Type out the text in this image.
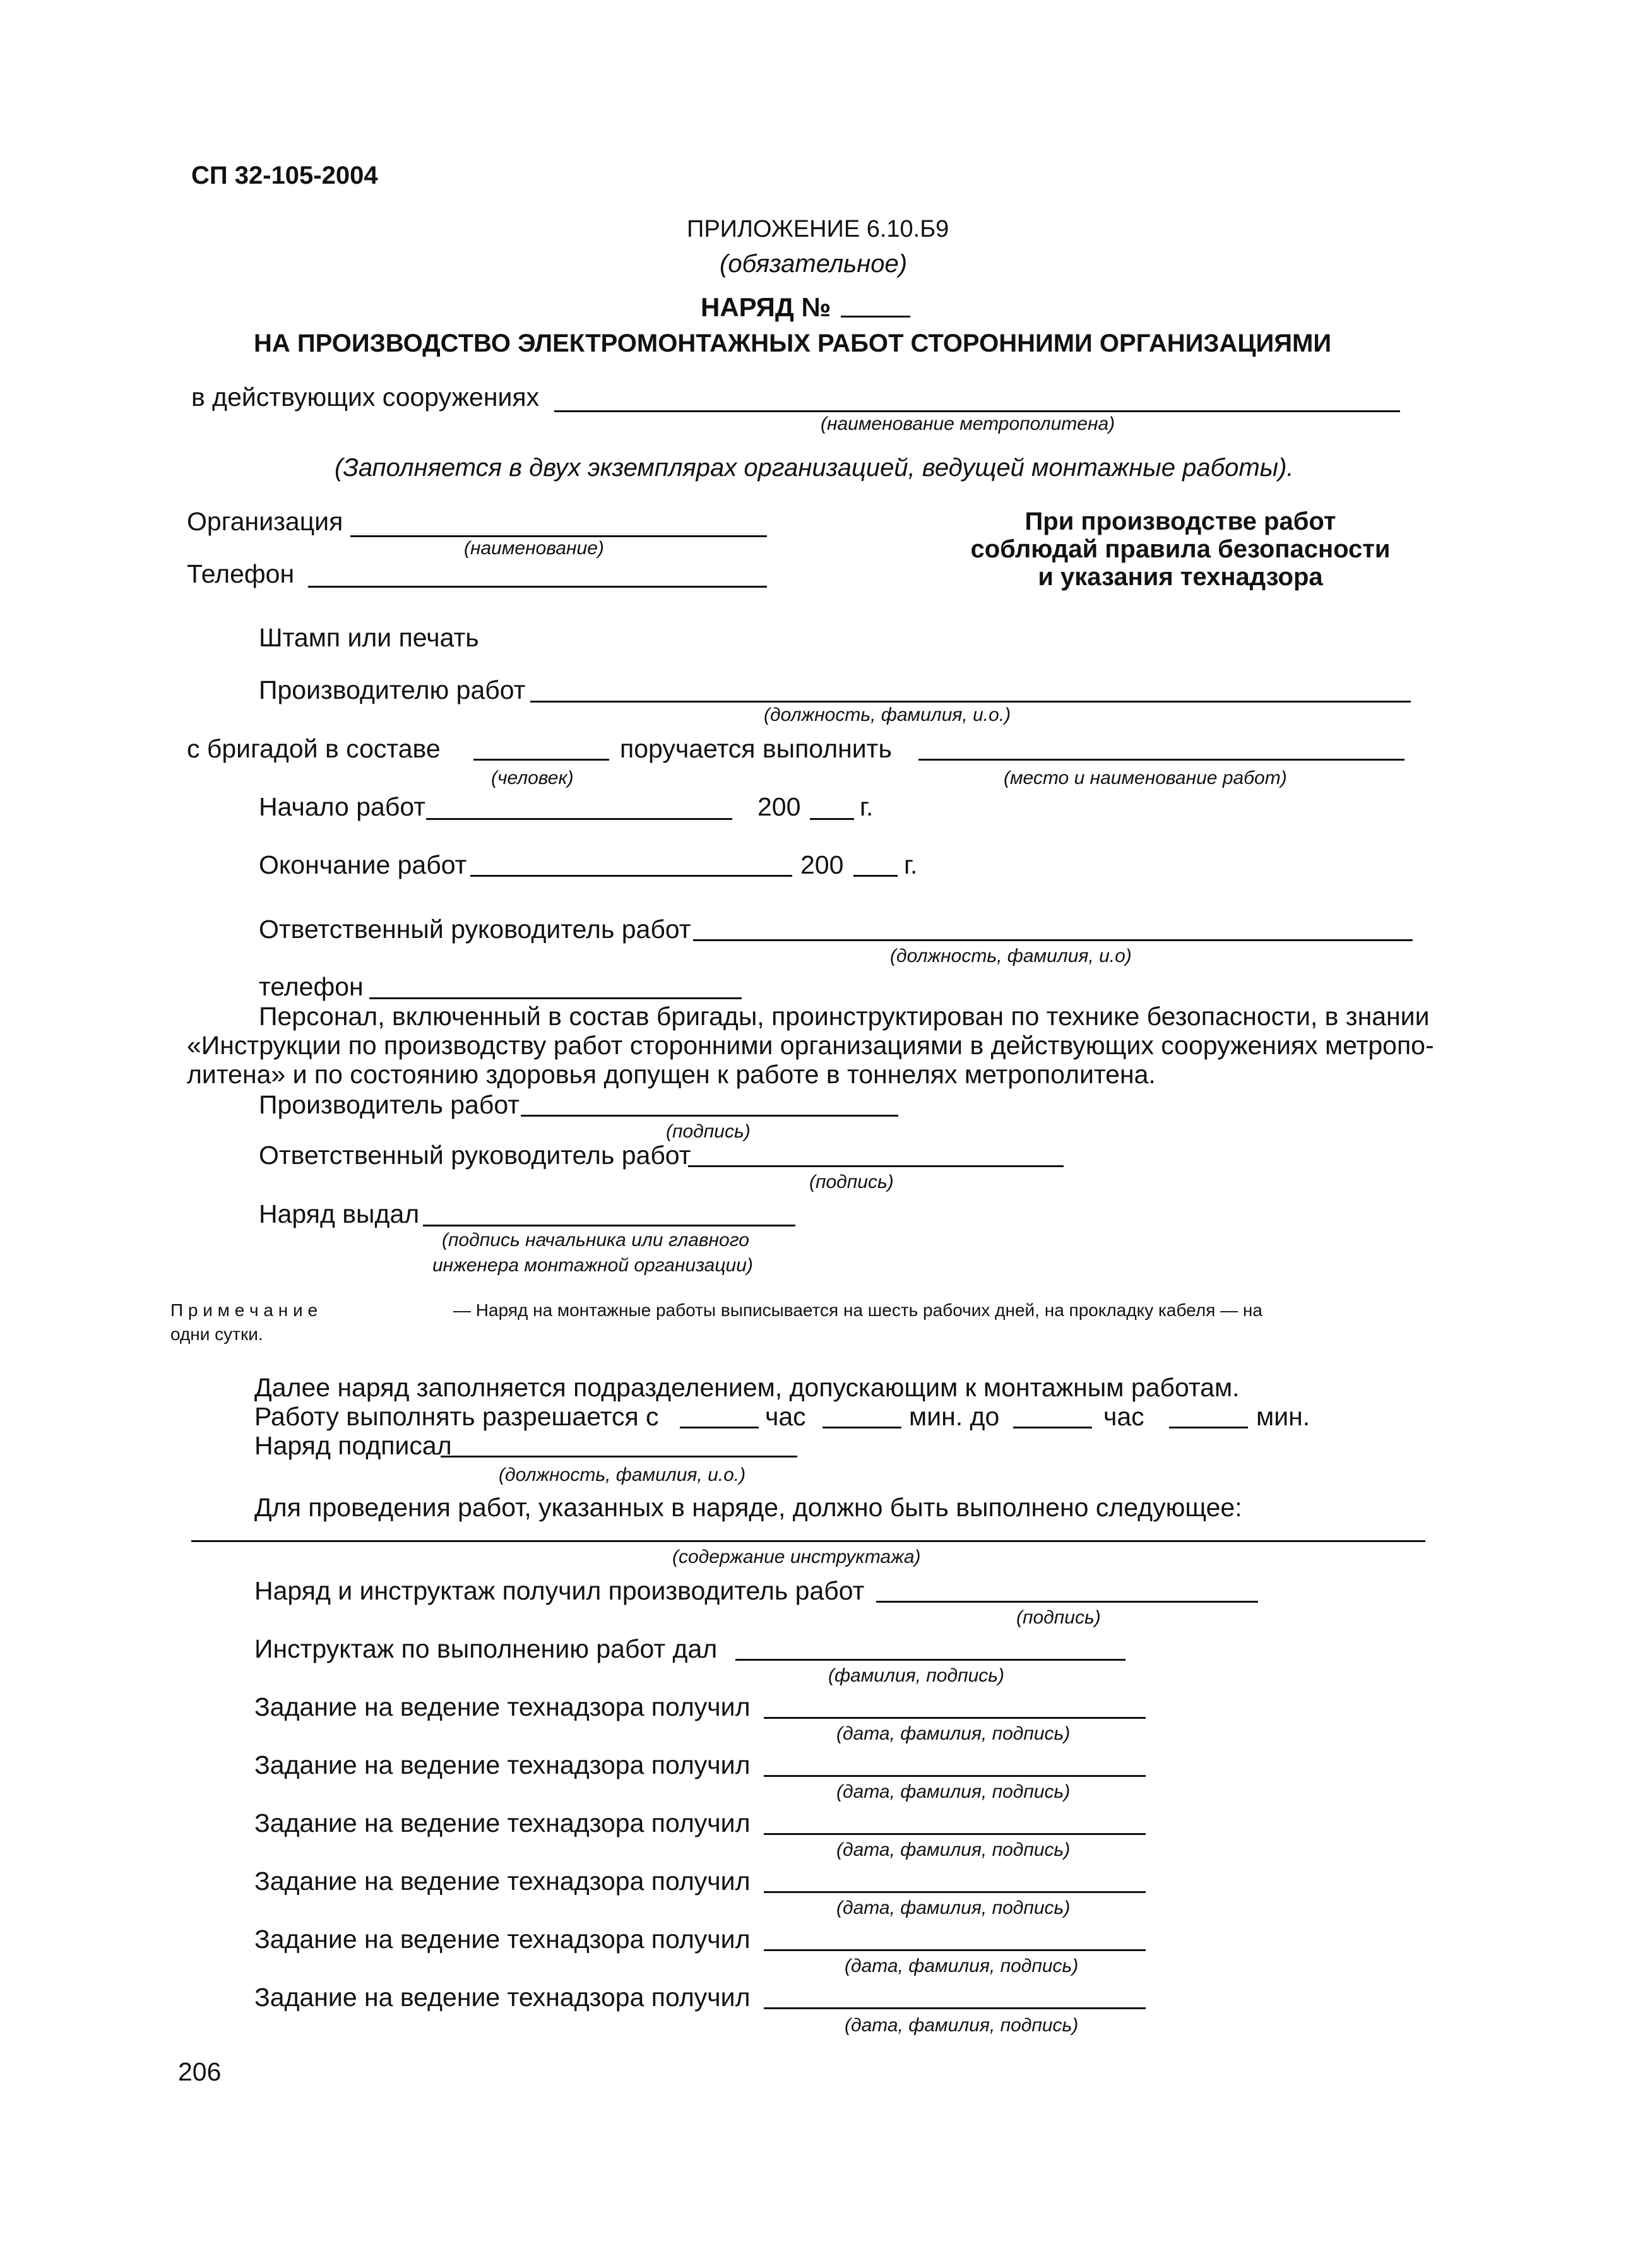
СП 32-105-2004
ПРИЛОЖЕНИЕ 6.10.Б9
(обязательное)
НАРЯД №
НА ПРОИЗВОДСТВО ЭЛЕКТРОМОНТАЖНЫХ РАБОТ СТОРОННИМИ ОРГАНИЗАЦИЯМИ
в действующих сооружениях
(наименование метрополитена)
(Заполняется в двух экземплярах организацией, ведущей монтажные работы).
Организация
(наименование)
Телефон
При производстве работ
соблюдай правила безопасности
и указания технадзора
Штамп или печать
Производителю работ
(должность, фамилия, и.о.)
с бригадой в составе	поручается выполнить
(человек)	(место и наименование работ)
Начало работ	200 г.
Окончание работ	200 г.
Ответственный руководитель работ
(должность, фамилия, и.о)
телефон
Персонал, включенный в состав бригады, проинструктирован по технике безопасности, в знании
«Инструкции по производству работ сторонними организациями в действующих сооружениях метропо-
литена» и по состоянию здоровья допущен к работе в тоннелях метрополитена.
Производитель работ
(подпись)
Ответственный руководитель работ
(подпись)
Наряд выдал
(подпись начальника или главного
инженера монтажной организации)
П р и м е ч а н и е	— Наряд на монтажные работы выписывается на шесть рабочих дней, на прокладку кабеля — на
одни сутки.
Далее наряд заполняется подразделением, допускающим к монтажным работам.
Работу выполнять разрешается с	час	мин. до	час	мин.
Наряд подписал
(должность, фамилия, и.о.)
Для проведения работ, указанных в наряде, должно быть выполнено следующее:
(содержание инструктажа)
Наряд и инструктаж получил производитель работ
(подпись)
Инструктаж по выполнению работ дал
(фамилия, подпись)
Задание на ведение технадзора получил
(дата, фамилия, подпись)
Задание на ведение технадзора получил
(дата, фамилия, подпись)
Задание на ведение технадзора получил
(дата, фамилия, подпись)
Задание на ведение технадзора получил
(дата, фамилия, подпись)
Задание на ведение технадзора получил
(дата, фамилия, подпись)
Задание на ведение технадзора получил
(дата, фамилия, подпись)
206
